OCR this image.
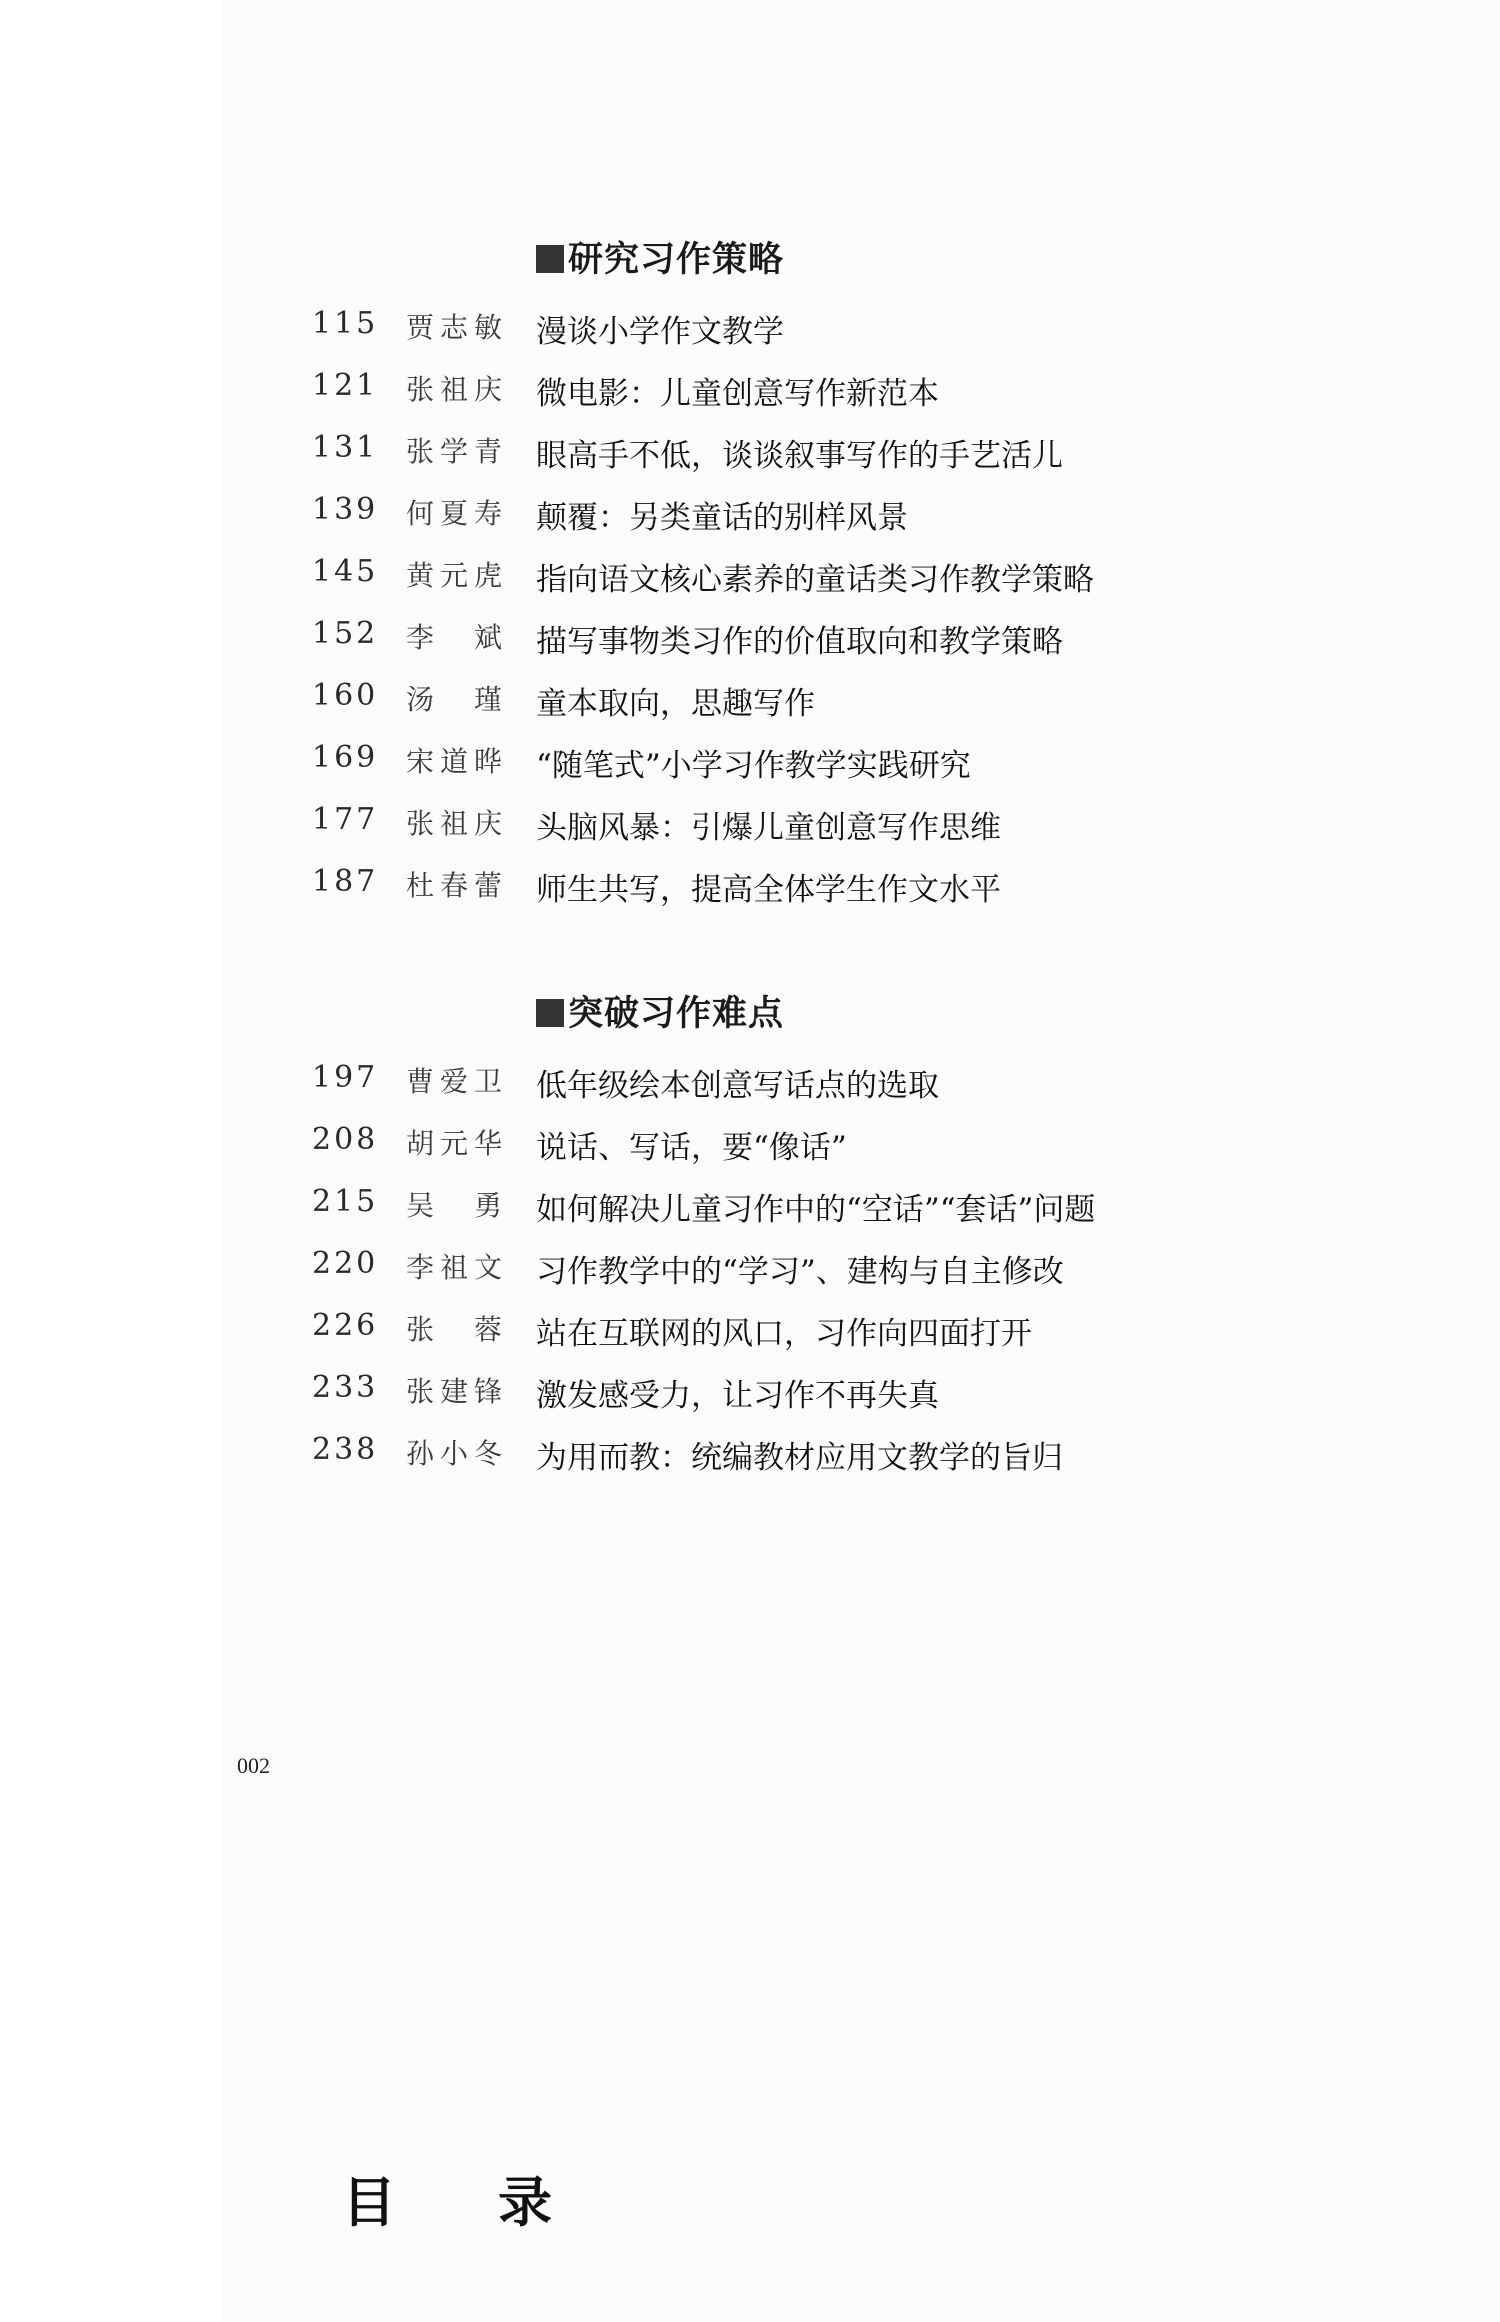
研究习作策略
115 贾志敏 漫谈小学作文教学
121 张祖庆 微电影：儿童创意写作新范本
131 张学青 眼高手不低，谈谈叙事写作的手艺活儿
139 何夏寿 颠覆：另类童话的别样风景
145 黄元虎 指向语文核心素养的童话类习作教学策略
152 李斌 描写事物类习作的价值取向和教学策略
160 汤瑾 童本取向，思趣写作
169 宋道晔 “随笔式”小学习作教学实践研究
177 张祖庆 头脑风暴：引爆儿童创意写作思维
187 杜春蕾 师生共写，提高全体学生作文水平
突破习作难点
197 曹爱卫 低年级绘本创意写话点的选取
208 胡元华 说话、写话，要“像话”
215 吴勇 如何解决儿童习作中的“空话”“套话”问题
220 李祖文 习作教学中的“学习”、建构与自主修改
226 张蓉 站在互联网的风口，习作向四面打开
233 张建锋 激发感受力，让习作不再失真
238 孙小冬 为用而教：统编教材应用文教学的旨归
002
目录
